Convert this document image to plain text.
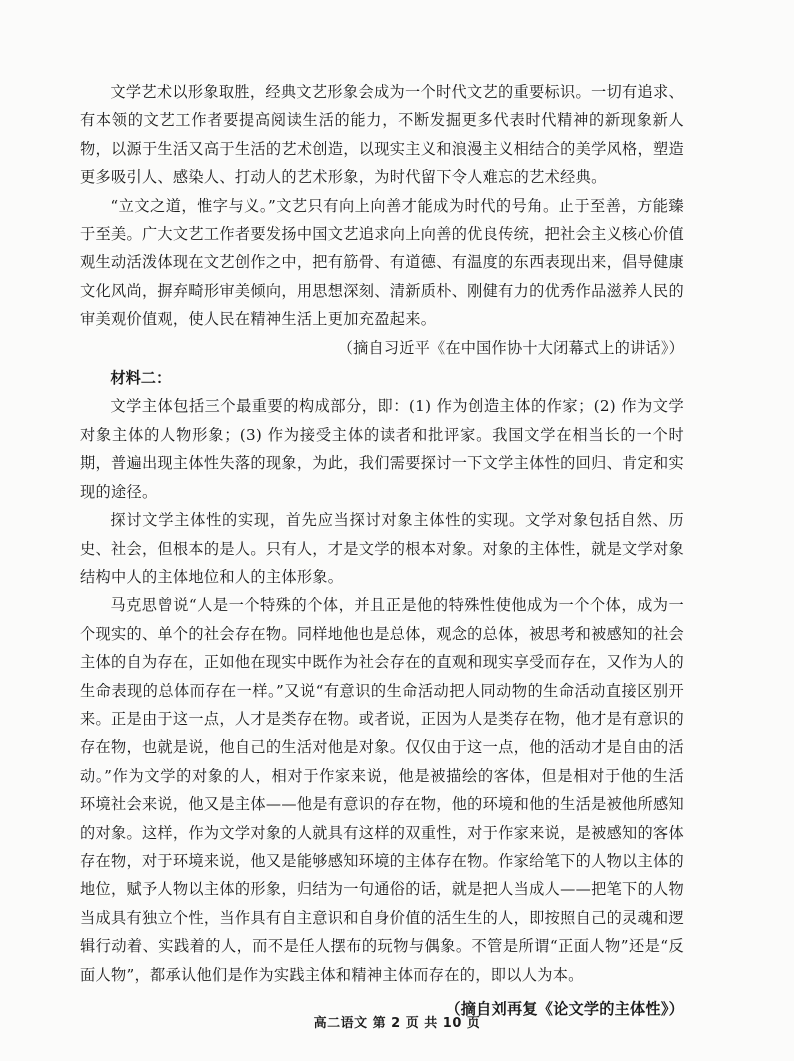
文学艺术以形象取胜，经典文艺形象会成为一个时代文艺的重要标识。一切有追求、有本领的文艺工作者要提高阅读生活的能力，不断发掘更多代表时代精神的新现象新人物，以源于生活又高于生活的艺术创造，以现实主义和浪漫主义相结合的美学风格，塑造更多吸引人、感染人、打动人的艺术形象，为时代留下令人难忘的艺术经典。

“立文之道，惟字与义。”文艺只有向上向善才能成为时代的号角。止于至善，方能臻于至美。广大文艺工作者要发扬中国文艺追求向上向善的优良传统，把社会主义核心价值观生动活泼体现在文艺创作之中，把有筋骨、有道德、有温度的东西表现出来，倡导健康文化风尚，摒弃畸形审美倾向，用思想深刻、清新质朴、刚健有力的优秀作品滋养人民的审美观价值观，使人民在精神生活上更加充盈起来。

（摘自习近平《在中国作协十大闭幕式上的讲话》）

材料二：

文学主体包括三个最重要的构成部分，即：(1) 作为创造主体的作家；(2) 作为文学对象主体的人物形象；(3) 作为接受主体的读者和批评家。我国文学在相当长的一个时期，普遍出现主体性失落的现象，为此，我们需要探讨一下文学主体性的回归、肯定和实现的途径。

探讨文学主体性的实现，首先应当探讨对象主体性的实现。文学对象包括自然、历史、社会，但根本的是人。只有人，才是文学的根本对象。对象的主体性，就是文学对象结构中人的主体地位和人的主体形象。

马克思曾说“人是一个特殊的个体，并且正是他的特殊性使他成为一个个体，成为一个现实的、单个的社会存在物。同样地他也是总体，观念的总体，被思考和被感知的社会主体的自为存在，正如他在现实中既作为社会存在的直观和现实享受而存在，又作为人的生命表现的总体而存在一样。”又说“有意识的生命活动把人同动物的生命活动直接区别开来。正是由于这一点，人才是类存在物。或者说，正因为人是类存在物，他才是有意识的存在物，也就是说，他自己的生活对他是对象。仅仅由于这一点，他的活动才是自由的活动。”作为文学的对象的人，相对于作家来说，他是被描绘的客体，但是相对于他的生活环境社会来说，他又是主体——他是有意识的存在物，他的环境和他的生活是被他所感知的对象。这样，作为文学对象的人就具有这样的双重性，对于作家来说，是被感知的客体存在物，对于环境来说，他又是能够感知环境的主体存在物。作家给笔下的人物以主体的地位，赋予人物以主体的形象，归结为一句通俗的话，就是把人当成人——把笔下的人物当成具有独立个性，当作具有自主意识和自身价值的活生生的人，即按照自己的灵魂和逻辑行动着、实践着的人，而不是任人摆布的玩物与偶象。不管是所谓“正面人物”还是“反面人物”，都承认他们是作为实践主体和精神主体而存在的，即以人为本。

（摘自刘再复《论文学的主体性》）

高二语文 第 2 页 共 10 页
